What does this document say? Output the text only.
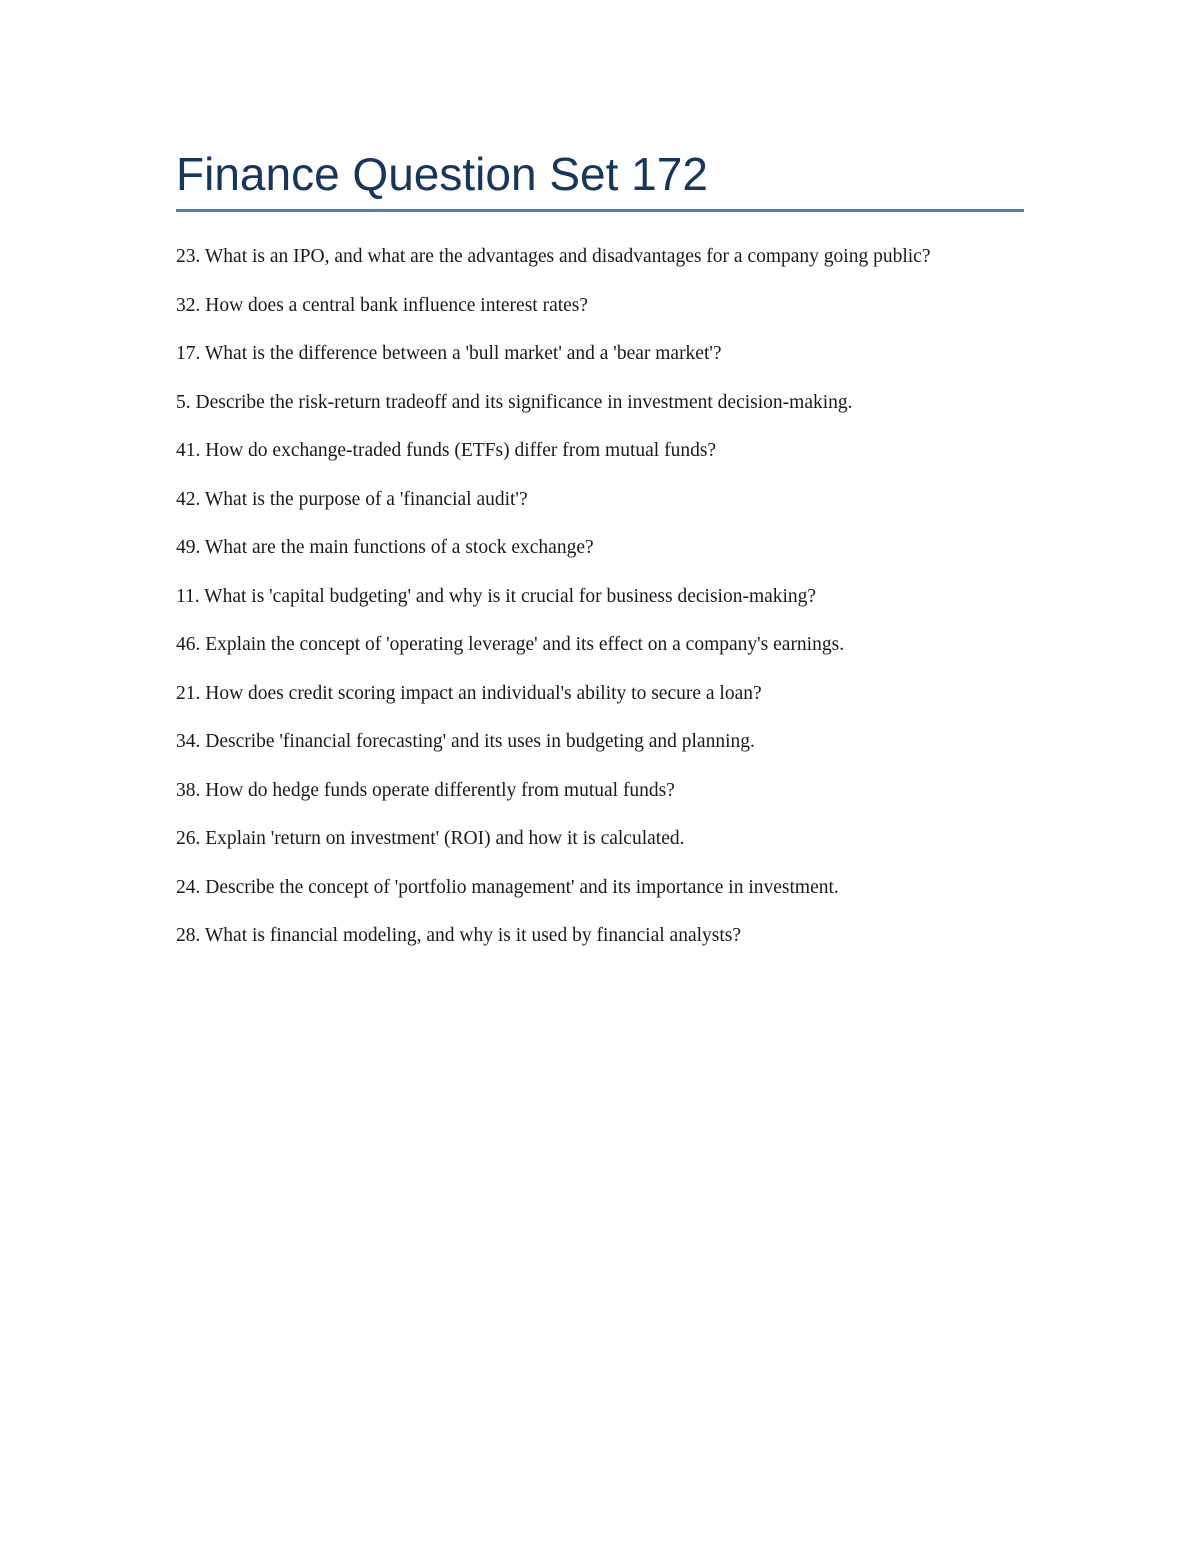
Finance Question Set 172
23. What is an IPO, and what are the advantages and disadvantages for a company going public?
32. How does a central bank influence interest rates?
17. What is the difference between a 'bull market' and a 'bear market'?
5. Describe the risk-return tradeoff and its significance in investment decision-making.
41. How do exchange-traded funds (ETFs) differ from mutual funds?
42. What is the purpose of a 'financial audit'?
49. What are the main functions of a stock exchange?
11. What is 'capital budgeting' and why is it crucial for business decision-making?
46. Explain the concept of 'operating leverage' and its effect on a company's earnings.
21. How does credit scoring impact an individual's ability to secure a loan?
34. Describe 'financial forecasting' and its uses in budgeting and planning.
38. How do hedge funds operate differently from mutual funds?
26. Explain 'return on investment' (ROI) and how it is calculated.
24. Describe the concept of 'portfolio management' and its importance in investment.
28. What is financial modeling, and why is it used by financial analysts?
